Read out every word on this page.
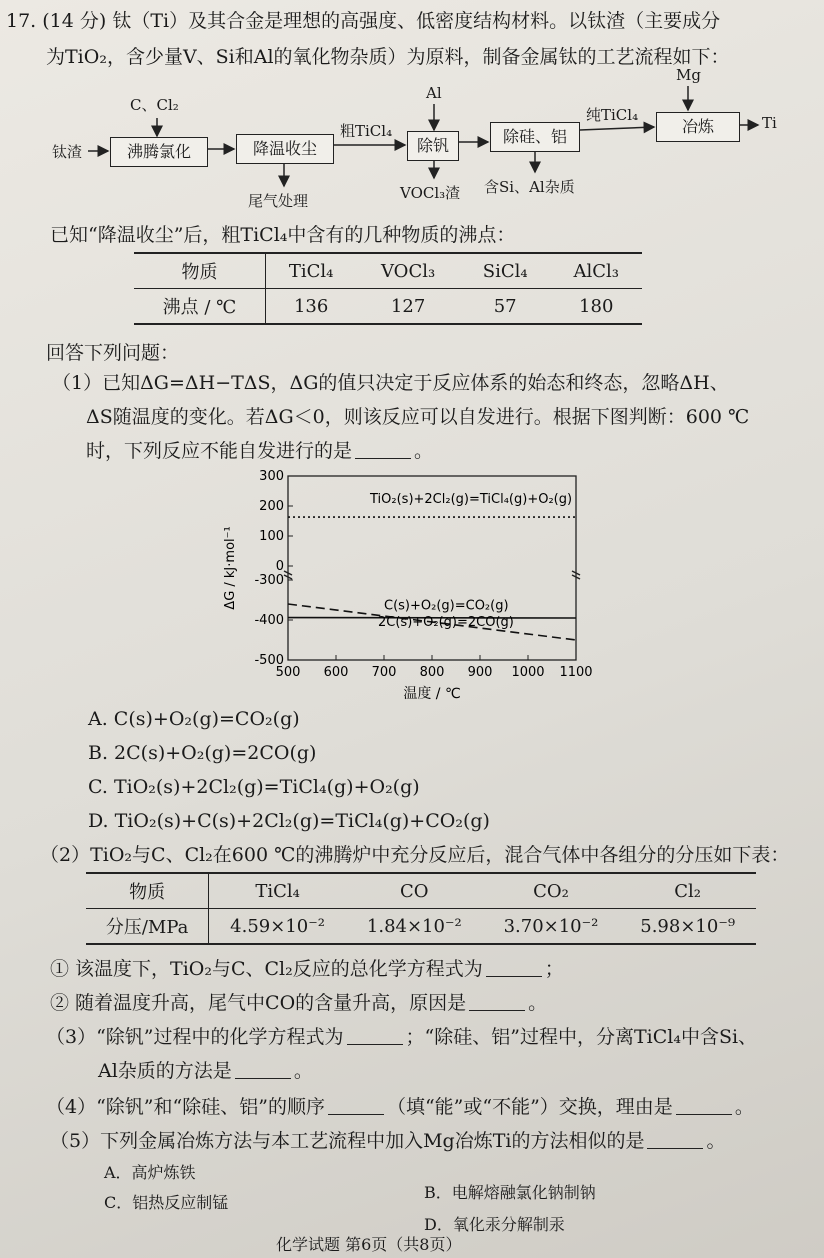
17. (14 分) 钛（Ti）及其合金是理想的高强度、低密度结构材料。以钛渣（主要成分
为TiO₂，含少量V、Si和Al的氧化物杂质）为原料，制备金属钛的工艺流程如下：
钛渣	沸腾氯化	降温收尘	除钒	除硅、铝
冶炼	Ti
C、Cl₂
Al
Mg
粗TiCl₄
纯TiCl₄
尾气处理	VOCl₃渣 含Si、Al杂质
已知“降温收尘”后，粗TiCl₄中含有的几种物质的沸点：
物质	TiCl₄	VOCl₃	SiCl₄	AlCl₃
沸点 / ℃	136	127	57	180
回答下列问题：
（1）已知ΔG=ΔH−TΔS，ΔG的值只决定于反应体系的始态和终态，忽略ΔH、
ΔS随温度的变化。若ΔG＜0，则该反应可以自发进行。根据下图判断：600 ℃
时，下列反应不能自发进行的是	。
500 600 700 800 900 1000 1100
300
200
100
0
-300
-400
-500
温度 / ℃
ΔG / kJ·mol⁻¹
TiO₂(s)+2Cl₂(g)=TiCl₄(g)+O₂(g)
C(s)+O₂(g)=CO₂(g)
2C(s)+O₂(g)=2CO(g)
A. C(s)+O₂(g)=CO₂(g)
B. 2C(s)+O₂(g)=2CO(g)
C. TiO₂(s)+2Cl₂(g)=TiCl₄(g)+O₂(g)
D. TiO₂(s)+C(s)+2Cl₂(g)=TiCl₄(g)+CO₂(g)
（2）TiO₂与C、Cl₂在600 ℃的沸腾炉中充分反应后，混合气体中各组分的分压如下表：
物质	TiCl₄	CO	CO₂	Cl₂
分压/MPa	4.59×10⁻²	1.84×10⁻²	3.70×10⁻²	5.98×10⁻⁹
① 该温度下，TiO₂与C、Cl₂反应的总化学方程式为	；
② 随着温度升高，尾气中CO的含量升高，原因是	。
（3）“除钒”过程中的化学方程式为	；“除硅、铝”过程中，分离TiCl₄中含Si、
Al杂质的方法是	。
（4）“除钒”和“除硅、铝”的顺序	（填“能”或“不能”）交换，理由是	。
（5）下列金属冶炼方法与本工艺流程中加入Mg冶炼Ti的方法相似的是	。
A．高炉炼铁
C．铝热反应制锰
B．电解熔融氯化钠制钠
D．氧化汞分解制汞
化学试题 第6页（共8页）
